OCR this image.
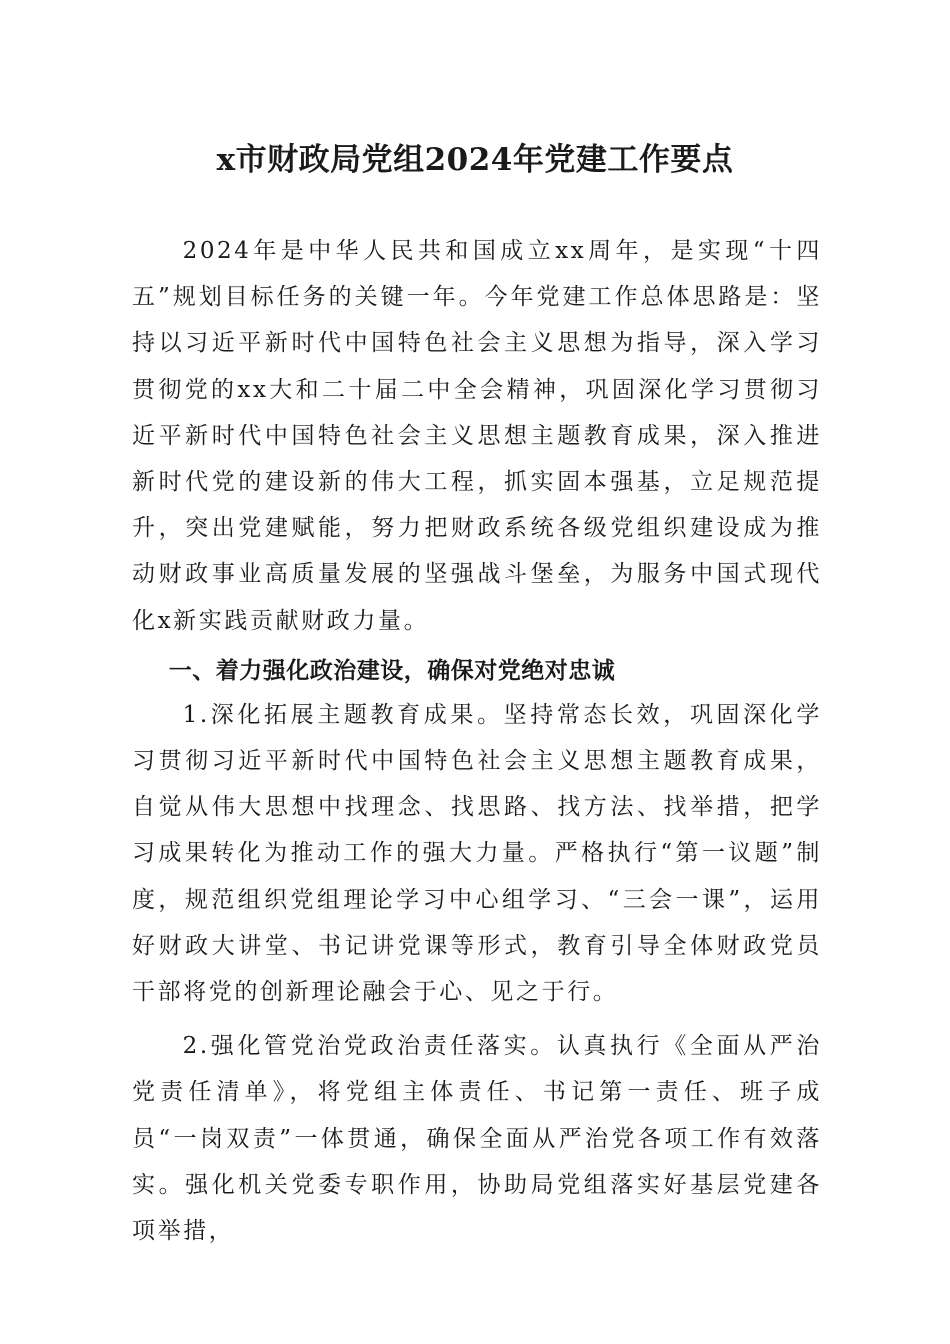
x市财政局党组2024年党建工作要点

2024年是中华人民共和国成立xx周年，是实现“十四五”规划目标任务的关键一年。今年党建工作总体思路是：坚持以习近平新时代中国特色社会主义思想为指导，深入学习贯彻党的xx大和二十届二中全会精神，巩固深化学习贯彻习近平新时代中国特色社会主义思想主题教育成果，深入推进新时代党的建设新的伟大工程，抓实固本强基，立足规范提升，突出党建赋能，努力把财政系统各级党组织建设成为推动财政事业高质量发展的坚强战斗堡垒，为服务中国式现代化x新实践贡献财政力量。

一、着力强化政治建设，确保对党绝对忠诚

1.深化拓展主题教育成果。坚持常态长效，巩固深化学习贯彻习近平新时代中国特色社会主义思想主题教育成果，自觉从伟大思想中找理念、找思路、找方法、找举措，把学习成果转化为推动工作的强大力量。严格执行“第一议题”制度，规范组织党组理论学习中心组学习、“三会一课”，运用好财政大讲堂、书记讲党课等形式，教育引导全体财政党员干部将党的创新理论融会于心、见之于行。

2.强化管党治党政治责任落实。认真执行《全面从严治党责任清单》，将党组主体责任、书记第一责任、班子成员“一岗双责”一体贯通，确保全面从严治党各项工作有效落实。强化机关党委专职作用，协助局党组落实好基层党建各项举措，
